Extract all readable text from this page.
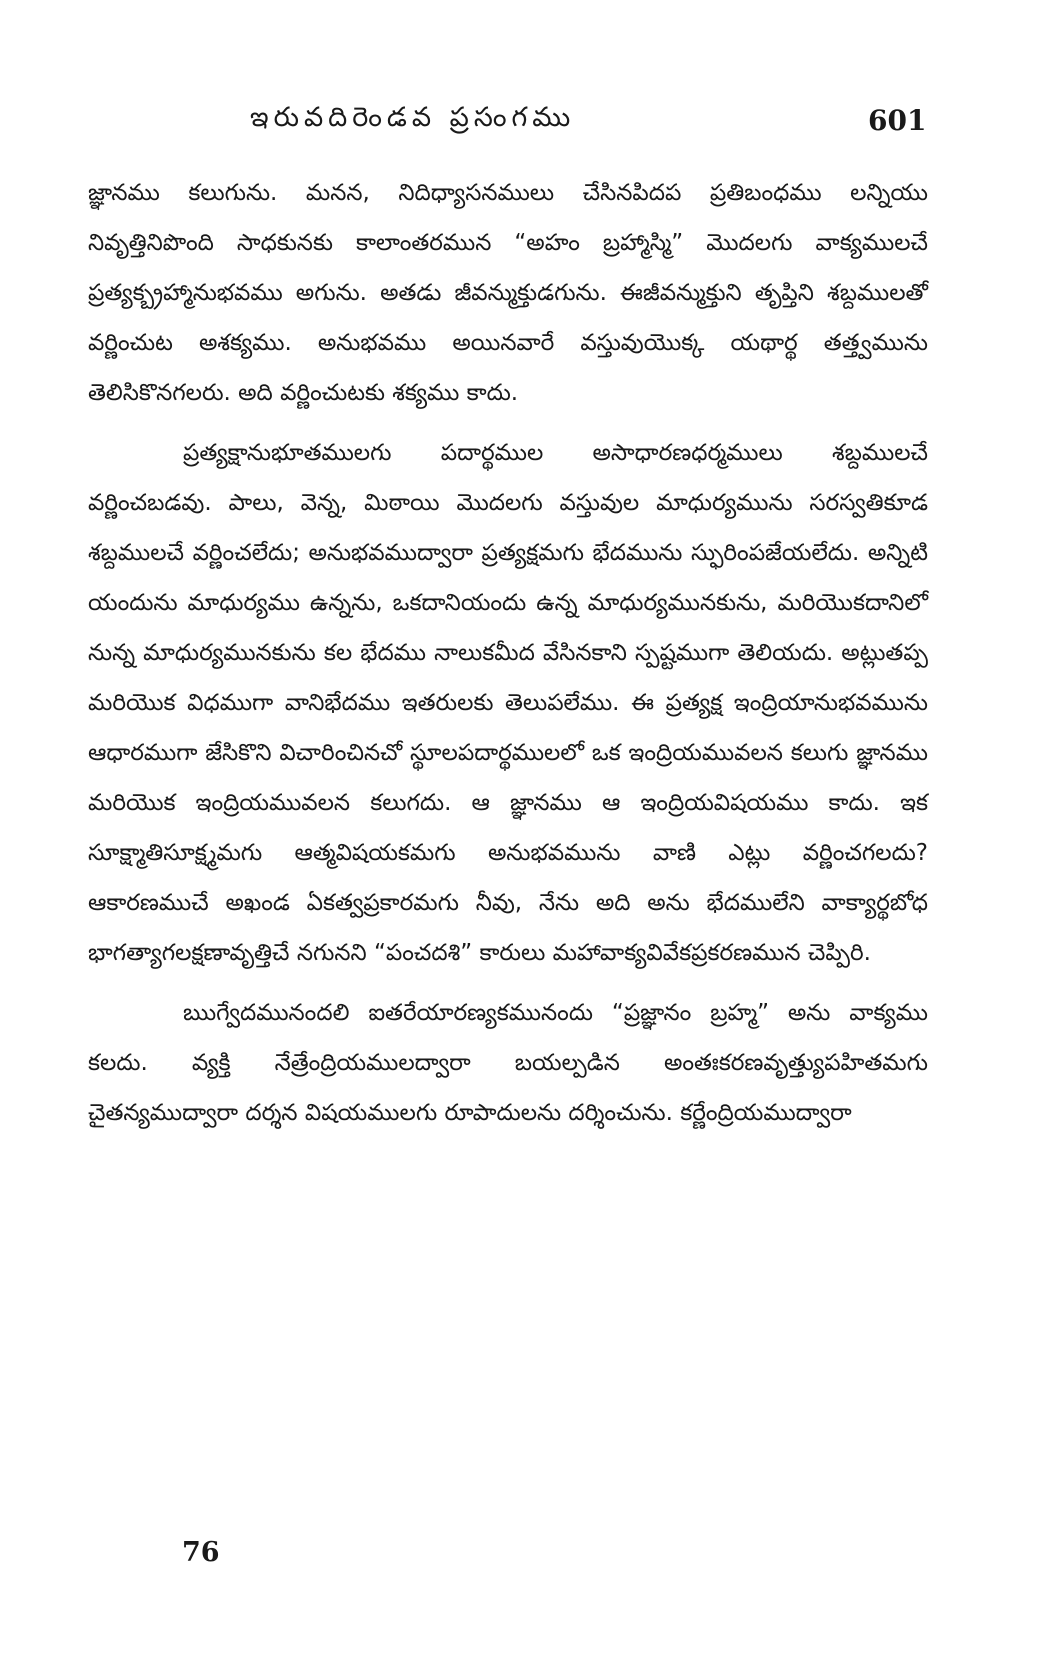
ఇరువదిరెండవ ప్రసంగము	601

జ్ఞానము కలుగును. మనన, నిదిధ్యాసనములు చేసినపిదప ప్రతిబంధము లన్నియు నివృత్తినిపొంది సాధకునకు కాలాంతరమున “అహం బ్రహ్మాస్మి” మొదలగు వాక్యములచే ప్రత్యక్బ్రహ్మానుభవము అగును. అతడు జీవన్ముక్తుడగును. ఈజీవన్ముక్తుని తృప్తిని శబ్దములతో వర్ణించుట అశక్యము. అనుభవము అయినవారే వస్తువుయొక్క యథార్థ తత్త్వమును తెలిసికొనగలరు. అది వర్ణించుటకు శక్యము కాదు.

ప్రత్యక్షానుభూతములగు పదార్థముల అసాధారణధర్మములు శబ్దములచే వర్ణించబడవు. పాలు, వెన్న, మిఠాయి మొదలగు వస్తువుల మాధుర్యమును సరస్వతికూడ శబ్దములచే వర్ణించలేదు; అనుభవముద్వారా ప్రత్యక్షమగు భేదమును స్ఫురింపజేయలేదు. అన్నిటి యందును మాధుర్యము ఉన్నను, ఒకదానియందు ఉన్న మాధుర్యమునకును, మరియొకదానిలో నున్న మాధుర్యమునకును కల భేదము నాలుకమీద వేసినకాని స్పష్టముగా తెలియదు. అట్లుతప్ప మరియొక విధముగా వానిభేదము ఇతరులకు తెలుపలేము. ఈ ప్రత్యక్ష ఇంద్రియానుభవమును ఆధారముగా జేసికొని విచారించినచో స్థూలపదార్థములలో ఒక ఇంద్రియమువలన కలుగు జ్ఞానము మరియొక ఇంద్రియమువలన కలుగదు. ఆ జ్ఞానము ఆ ఇంద్రియవిషయము కాదు. ఇక సూక్ష్మాతిసూక్ష్మమగు ఆత్మవిషయకమగు అనుభవమును వాణి ఎట్లు వర్ణించగలదు? ఆకారణముచే అఖండ ఏకత్వప్రకారమగు నీవు, నేను అది అను భేదములేని వాక్యార్థబోధ భాగత్యాగలక్షణావృత్తిచే నగునని “పంచదశి” కారులు మహావాక్యవివేకప్రకరణమున చెప్పిరి.

ఋగ్వేదమునందలి ఐతరేయారణ్యకమునందు “ప్రజ్ఞానం బ్రహ్మ” అను వాక్యము కలదు. వ్యక్తి నేత్రేంద్రియములద్వారా బయల్పడిన అంతఃకరణవృత్త్యుపహితమగు చైతన్యముద్వారా దర్శన విషయములగు రూపాదులను దర్శించును. కర్ణేంద్రియముద్వారా

76
